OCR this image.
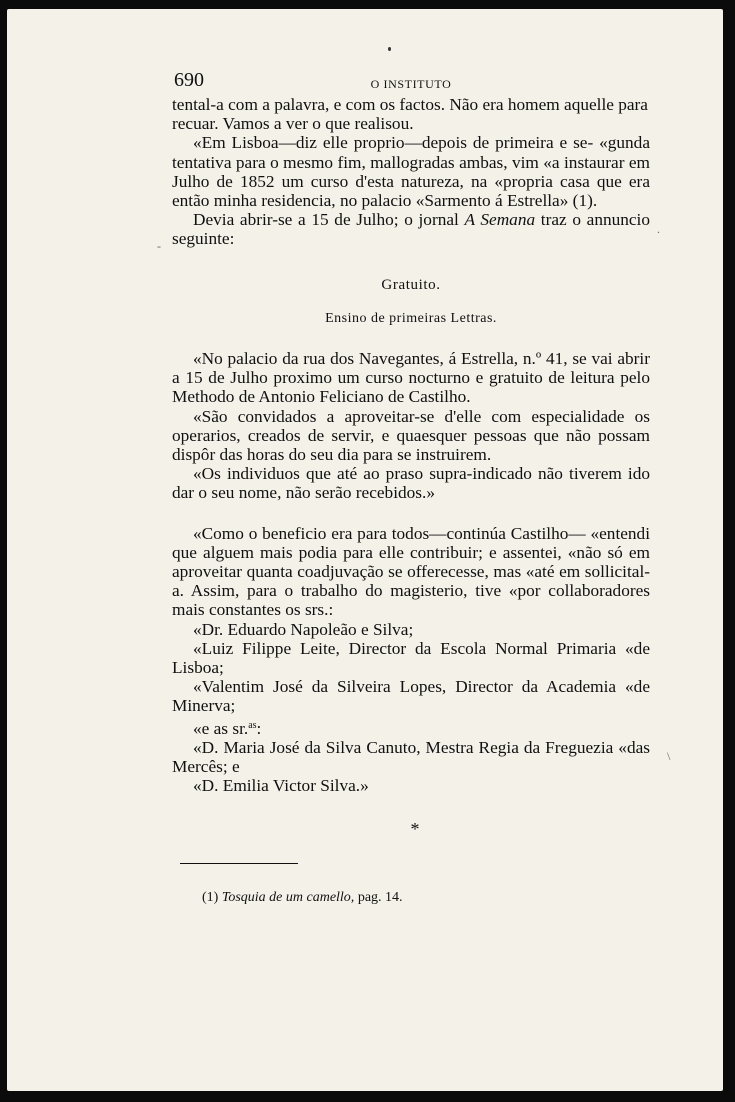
.
-
\
690	O INSTITUTO

tental-a com a palavra, e com os factos. Não era homem aquelle para recuar. Vamos a ver o que realisou.

«Em Lisboa—diz elle proprio—depois de primeira e se- «gunda tentativa para o mesmo fim, mallogradas ambas, vim «a instaurar em Julho de 1852 um curso d'esta natureza, na «propria casa que era então minha residencia, no palacio «Sarmento á Estrella» (1).

Devia abrir-se a 15 de Julho; o jornal A Semana traz o annuncio seguinte:

Gratuito.

Ensino de primeiras Lettras.

«No palacio da rua dos Navegantes, á Estrella, n.º 41, se vai abrir a 15 de Julho proximo um curso nocturno e gratuito de leitura pelo Methodo de Antonio Feliciano de Castilho.

«São convidados a aproveitar-se d'elle com especialidade os operarios, creados de servir, e quaesquer pessoas que não possam dispôr das horas do seu dia para se instruirem.

«Os individuos que até ao praso supra-indicado não tiverem ido dar o seu nome, não serão recebidos.»

«Como o beneficio era para todos—continúa Castilho— «entendi que alguem mais podia para elle contribuir; e assentei, «não só em aproveitar quanta coadjuvação se offerecesse, mas «até em sollicital-a. Assim, para o trabalho do magisterio, tive «por collaboradores mais constantes os srs.:

«Dr. Eduardo Napoleão e Silva;

«Luiz Filippe Leite, Director da Escola Normal Primaria «de Lisboa;

«Valentim José da Silveira Lopes, Director da Academia «de Minerva;

«e as sr.$^{as}$:

«D. Maria José da Silva Canuto, Mestra Regia da Freguezia «das Mercês; e

«D. Emilia Victor Silva.»

*

(1) Tosquia de um camello, pag. 14.
